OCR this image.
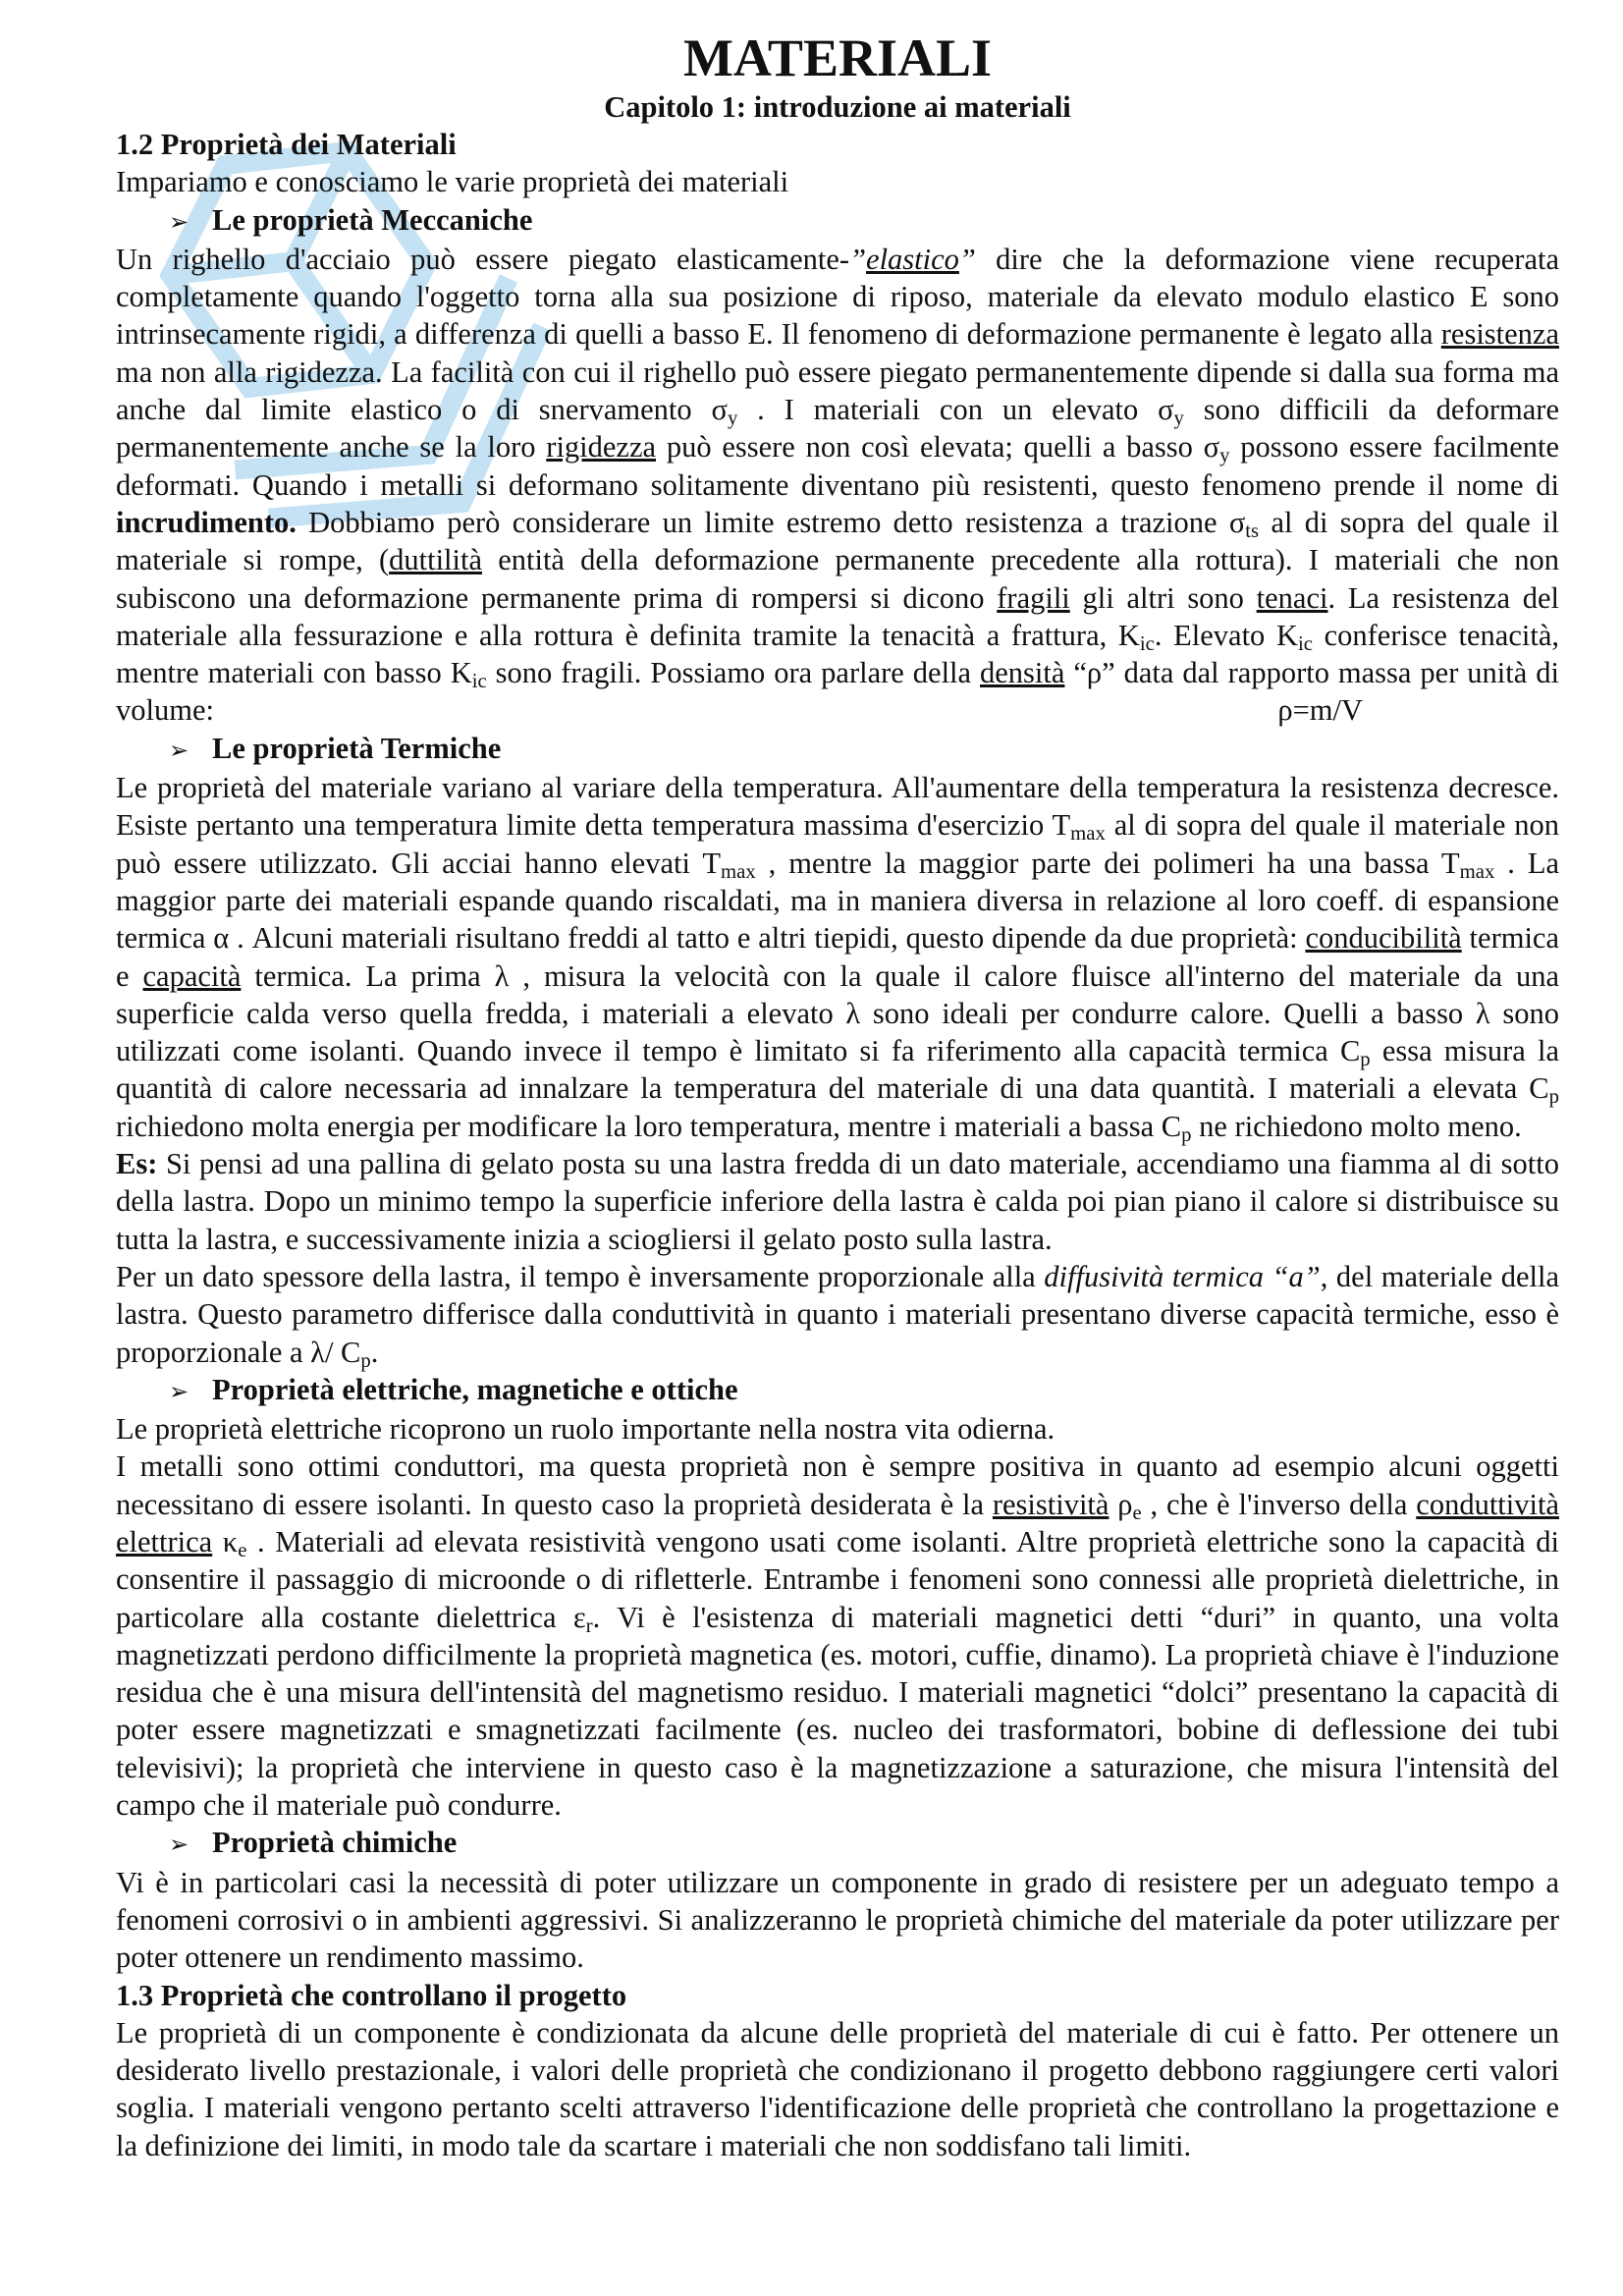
MATERIALI
Capitolo 1: introduzione ai materiali
1.2 Proprietà dei Materiali

Impariamo e conosciamo le varie proprietà dei materiali

➢ Le proprietà Meccaniche

Un righello d'acciaio può essere piegato elasticamente-”elastico” dire che la deformazione viene recuperata completamente quando l'oggetto torna alla sua posizione di riposo, materiale da elevato modulo elastico E sono intrinsecamente rigidi, a differenza di quelli a basso E. Il fenomeno di deformazione permanente è legato alla resistenza ma non alla rigidezza. La facilità con cui il righello può essere piegato permanentemente dipende si dalla sua forma ma anche dal limite elastico o di snervamento $\sigma_y$ . I materiali con un elevato $\sigma_y$ sono difficili da deformare permanentemente anche se la loro rigidezza può essere non così elevata; quelli a basso $\sigma_y$ possono essere facilmente deformati. Quando i metalli si deformano solitamente diventano più resistenti, questo fenomeno prende il nome di incrudimento. Dobbiamo però considerare un limite estremo detto resistenza a trazione $\sigma_{ts}$ al di sopra del quale il materiale si rompe, (duttilità entità della deformazione permanente precedente alla rottura). I materiali che non subiscono una deformazione permanente prima di rompersi si dicono fragili gli altri sono tenaci. La resistenza del materiale alla fessurazione e alla rottura è definita tramite la tenacità a frattura, $K_{ic}$. Elevato $K_{ic}$ conferisce tenacità, mentre materiali con basso $K_{ic}$ sono fragili. Possiamo ora parlare della densità “ρ” data dal rapporto massa per unità di volume:	ρ=m/V

➢ Le proprietà Termiche

Le proprietà del materiale variano al variare della temperatura. All'aumentare della temperatura la resistenza decresce. Esiste pertanto una temperatura limite detta temperatura massima d'esercizio $T_{max}$ al di sopra del quale il materiale non può essere utilizzato. Gli acciai hanno elevati $T_{max}$ , mentre la maggior parte dei polimeri ha una bassa $T_{max}$ . La maggior parte dei materiali espande quando riscaldati, ma in maniera diversa in relazione al loro coeff. di espansione termica α . Alcuni materiali risultano freddi al tatto e altri tiepidi, questo dipende da due proprietà: conducibilità termica e capacità termica. La prima λ , misura la velocità con la quale il calore fluisce all'interno del materiale da una superficie calda verso quella fredda, i materiali a elevato λ sono ideali per condurre calore. Quelli a basso λ sono utilizzati come isolanti. Quando invece il tempo è limitato si fa riferimento alla capacità termica $C_p$ essa misura la quantità di calore necessaria ad innalzare la temperatura del materiale di una data quantità. I materiali a elevata $C_p$ richiedono molta energia per modificare la loro temperatura, mentre i materiali a bassa $C_p$ ne richiedono molto meno.

Es: Si pensi ad una pallina di gelato posta su una lastra fredda di un dato materiale, accendiamo una fiamma al di sotto della lastra. Dopo un minimo tempo la superficie inferiore della lastra è calda poi pian piano il calore si distribuisce su tutta la lastra, e successivamente inizia a sciogliersi il gelato posto sulla lastra.

Per un dato spessore della lastra, il tempo è inversamente proporzionale alla diffusività termica “a”, del materiale della lastra. Questo parametro differisce dalla conduttività in quanto i materiali presentano diverse capacità termiche, esso è proporzionale a λ/ $C_p$.

➢ Proprietà elettriche, magnetiche e ottiche

Le proprietà elettriche ricoprono un ruolo importante nella nostra vita odierna.

I metalli sono ottimi conduttori, ma questa proprietà non è sempre positiva in quanto ad esempio alcuni oggetti necessitano di essere isolanti. In questo caso la proprietà desiderata è la resistività $\rho_e$ , che è l'inverso della conduttività elettrica $\kappa_e$ . Materiali ad elevata resistività vengono usati come isolanti. Altre proprietà elettriche sono la capacità di consentire il passaggio di microonde o di rifletterle. Entrambe i fenomeni sono connessi alle proprietà dielettriche, in particolare alla costante dielettrica $\varepsilon_r$. Vi è l'esistenza di materiali magnetici detti “duri” in quanto, una volta magnetizzati perdono difficilmente la proprietà magnetica (es. motori, cuffie, dinamo). La proprietà chiave è l'induzione residua che è una misura dell'intensità del magnetismo residuo. I materiali magnetici “dolci” presentano la capacità di poter essere magnetizzati e smagnetizzati facilmente (es. nucleo dei trasformatori, bobine di deflessione dei tubi televisivi); la proprietà che interviene in questo caso è la magnetizzazione a saturazione, che misura l'intensità del campo che il materiale può condurre.

➢ Proprietà chimiche

Vi è in particolari casi la necessità di poter utilizzare un componente in grado di resistere per un adeguato tempo a fenomeni corrosivi o in ambienti aggressivi. Si analizzeranno le proprietà chimiche del materiale da poter utilizzare per poter ottenere un rendimento massimo.

1.3 Proprietà che controllano il progetto

Le proprietà di un componente è condizionata da alcune delle proprietà del materiale di cui è fatto. Per ottenere un desiderato livello prestazionale, i valori delle proprietà che condizionano il progetto debbono raggiungere certi valori soglia. I materiali vengono pertanto scelti attraverso l'identificazione delle proprietà che controllano la progettazione e la definizione dei limiti, in modo tale da scartare i materiali che non soddisfano tali limiti.
